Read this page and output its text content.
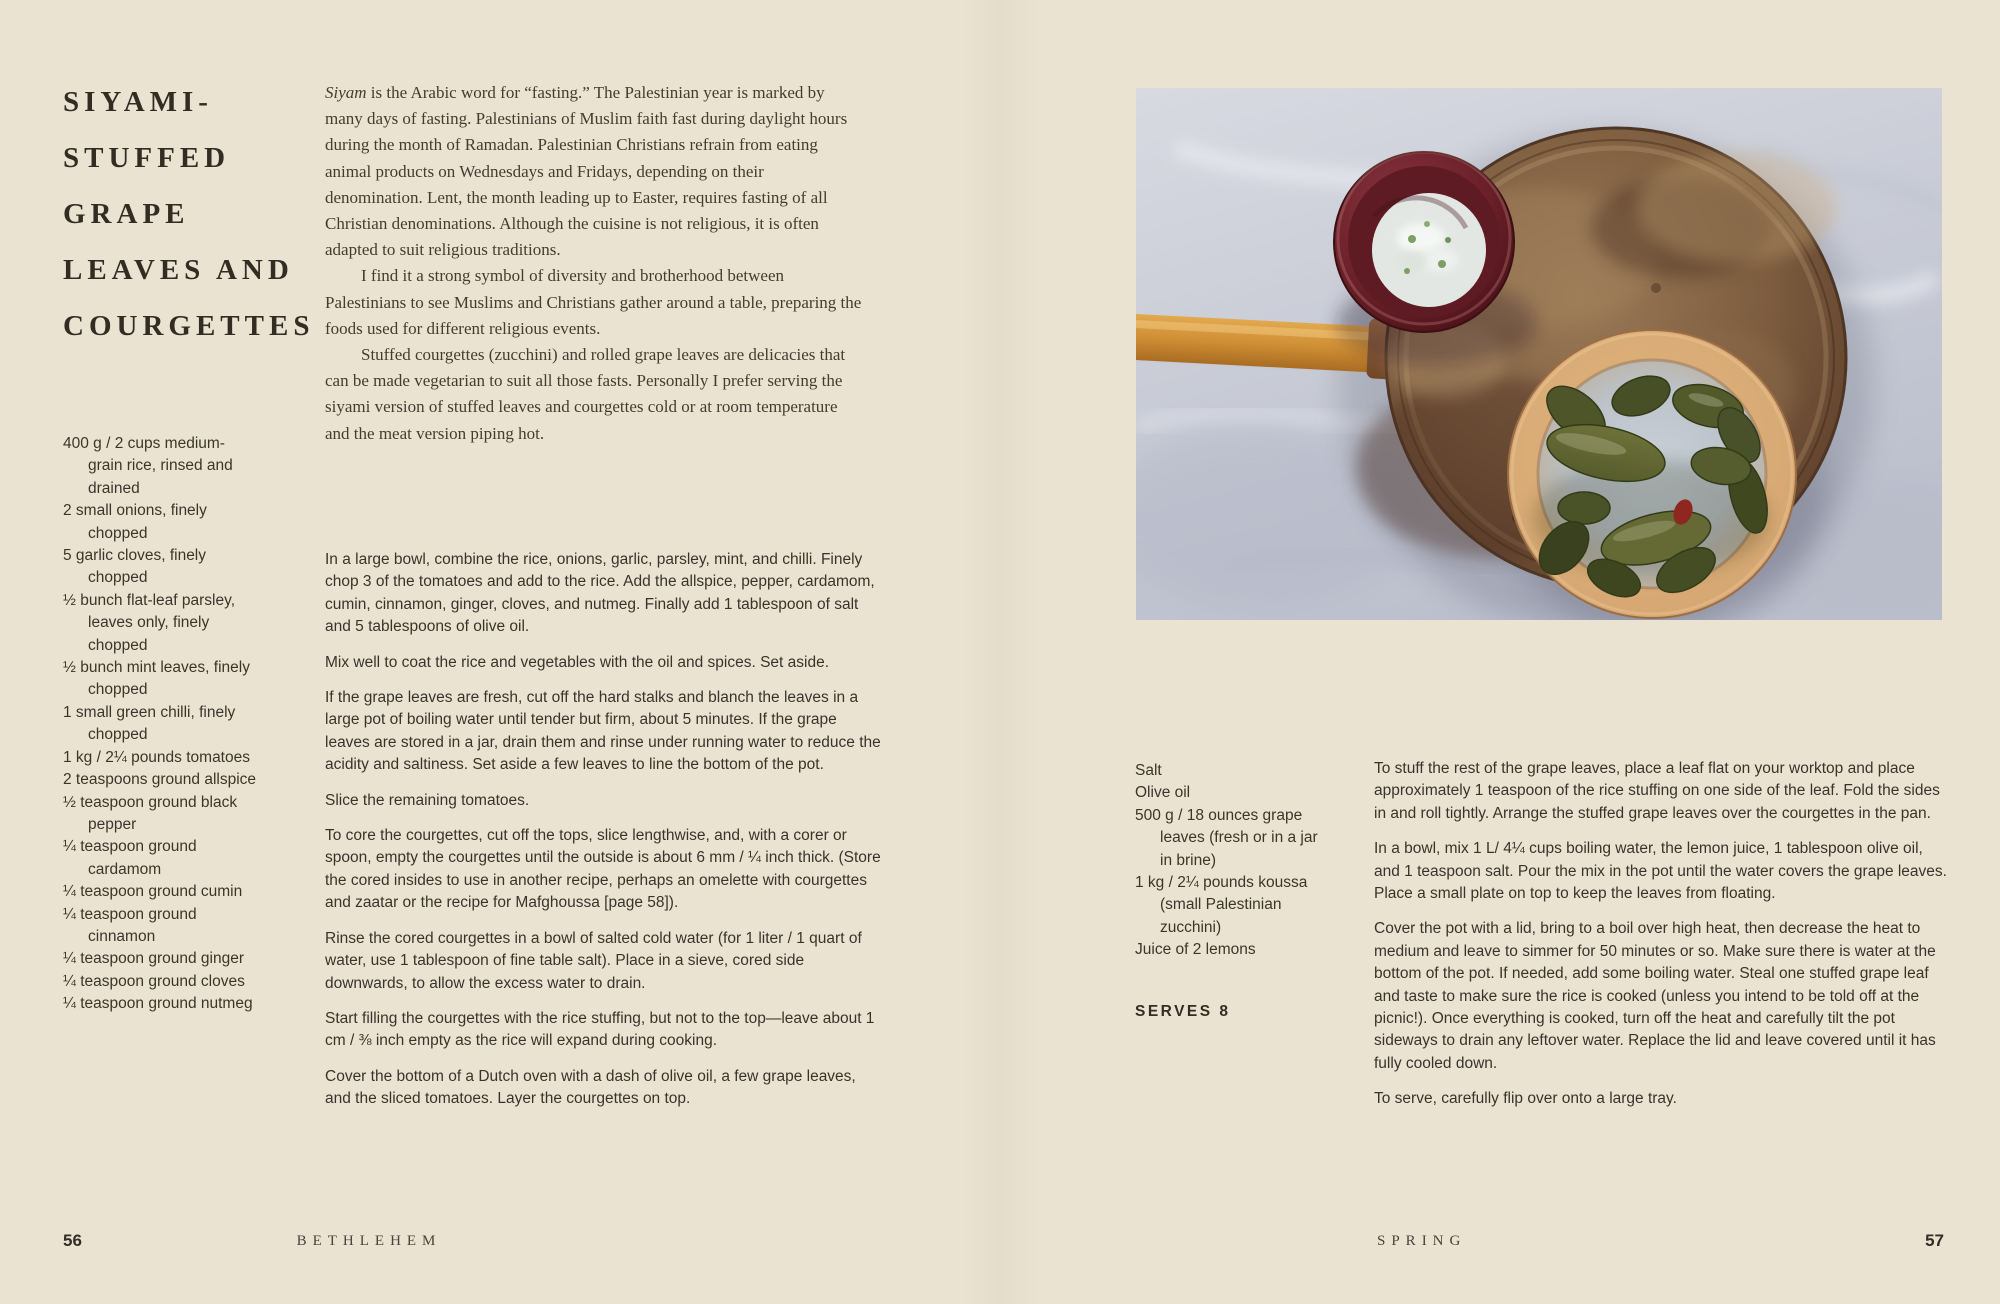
SIYAMI-
STUFFED
GRAPE
LEAVES AND
COURGETTES

400 g / 2 cups medium-grain rice, rinsed and drained

2 small onions, finely chopped

5 garlic cloves, finely chopped

½ bunch flat-leaf parsley, leaves only, finely chopped

½ bunch mint leaves, finely chopped

1 small green chilli, finely chopped

1 kg / 2¼ pounds tomatoes

2 teaspoons ground allspice

½ teaspoon ground black pepper

¼ teaspoon ground cardamom

¼ teaspoon ground cumin

¼ teaspoon ground cinnamon

¼ teaspoon ground ginger

¼ teaspoon ground cloves

¼ teaspoon ground nutmeg

Siyam is the Arabic word for “fasting.” The Palestinian year is marked by many days of fasting. Palestinians of Muslim faith fast during daylight hours during the month of Ramadan. Palestinian Christians refrain from eating animal products on Wednesdays and Fridays, depending on their denomination. Lent, the month leading up to Easter, requires fasting of all Christian denominations. Although the cuisine is not religious, it is often adapted to suit religious traditions.

I find it a strong symbol of diversity and brotherhood between Palestinians to see Muslims and Christians gather around a table, preparing the foods used for different religious events.

Stuffed courgettes (zucchini) and rolled grape leaves are delicacies that can be made vegetarian to suit all those fasts. Personally I prefer serving the siyami version of stuffed leaves and courgettes cold or at room temperature and the meat version piping hot.

In a large bowl, combine the rice, onions, garlic, parsley, mint, and chilli. Finely chop 3 of the tomatoes and add to the rice. Add the allspice, pepper, cardamom, cumin, cinnamon, ginger, cloves, and nutmeg. Finally add 1 tablespoon of salt and 5 tablespoons of olive oil.

Mix well to coat the rice and vegetables with the oil and spices. Set aside.

If the grape leaves are fresh, cut off the hard stalks and blanch the leaves in a large pot of boiling water until tender but firm, about 5 minutes. If the grape leaves are stored in a jar, drain them and rinse under running water to reduce the acidity and saltiness. Set aside a few leaves to line the bottom of the pot.

Slice the remaining tomatoes.

To core the courgettes, cut off the tops, slice lengthwise, and, with a corer or spoon, empty the courgettes until the outside is about 6 mm / ¼ inch thick. (Store the cored insides to use in another recipe, perhaps an omelette with courgettes and zaatar or the recipe for Mafghoussa [page 58]).

Rinse the cored courgettes in a bowl of salted cold water (for 1 liter / 1 quart of water, use 1 tablespoon of fine table salt). Place in a sieve, cored side downwards, to allow the excess water to drain.

Start filling the courgettes with the rice stuffing, but not to the top—leave about 1 cm / ⅜ inch empty as the rice will expand during cooking.

Cover the bottom of a Dutch oven with a dash of olive oil, a few grape leaves, and the sliced tomatoes. Layer the courgettes on top.

56	BETHLEHEM

Salt

Olive oil

500 g / 18 ounces grape leaves (fresh or in a jar in brine)

1 kg / 2¼ pounds koussa (small Palestinian zucchini)

Juice of 2 lemons

SERVES 8

To stuff the rest of the grape leaves, place a leaf flat on your worktop and place approximately 1 teaspoon of the rice stuffing on one side of the leaf. Fold the sides in and roll tightly. Arrange the stuffed grape leaves over the courgettes in the pan.

In a bowl, mix 1 L/ 4¼ cups boiling water, the lemon juice, 1 tablespoon olive oil, and 1 teaspoon salt. Pour the mix in the pot until the water covers the grape leaves. Place a small plate on top to keep the leaves from floating.

Cover the pot with a lid, bring to a boil over high heat, then decrease the heat to medium and leave to simmer for 50 minutes or so. Make sure there is water at the bottom of the pot. If needed, add some boiling water. Steal one stuffed grape leaf and taste to make sure the rice is cooked (unless you intend to be told off at the picnic!). Once everything is cooked, turn off the heat and carefully tilt the pot sideways to drain any leftover water. Replace the lid and leave covered until it has fully cooled down.

To serve, carefully flip over onto a large tray.

SPRING	57
